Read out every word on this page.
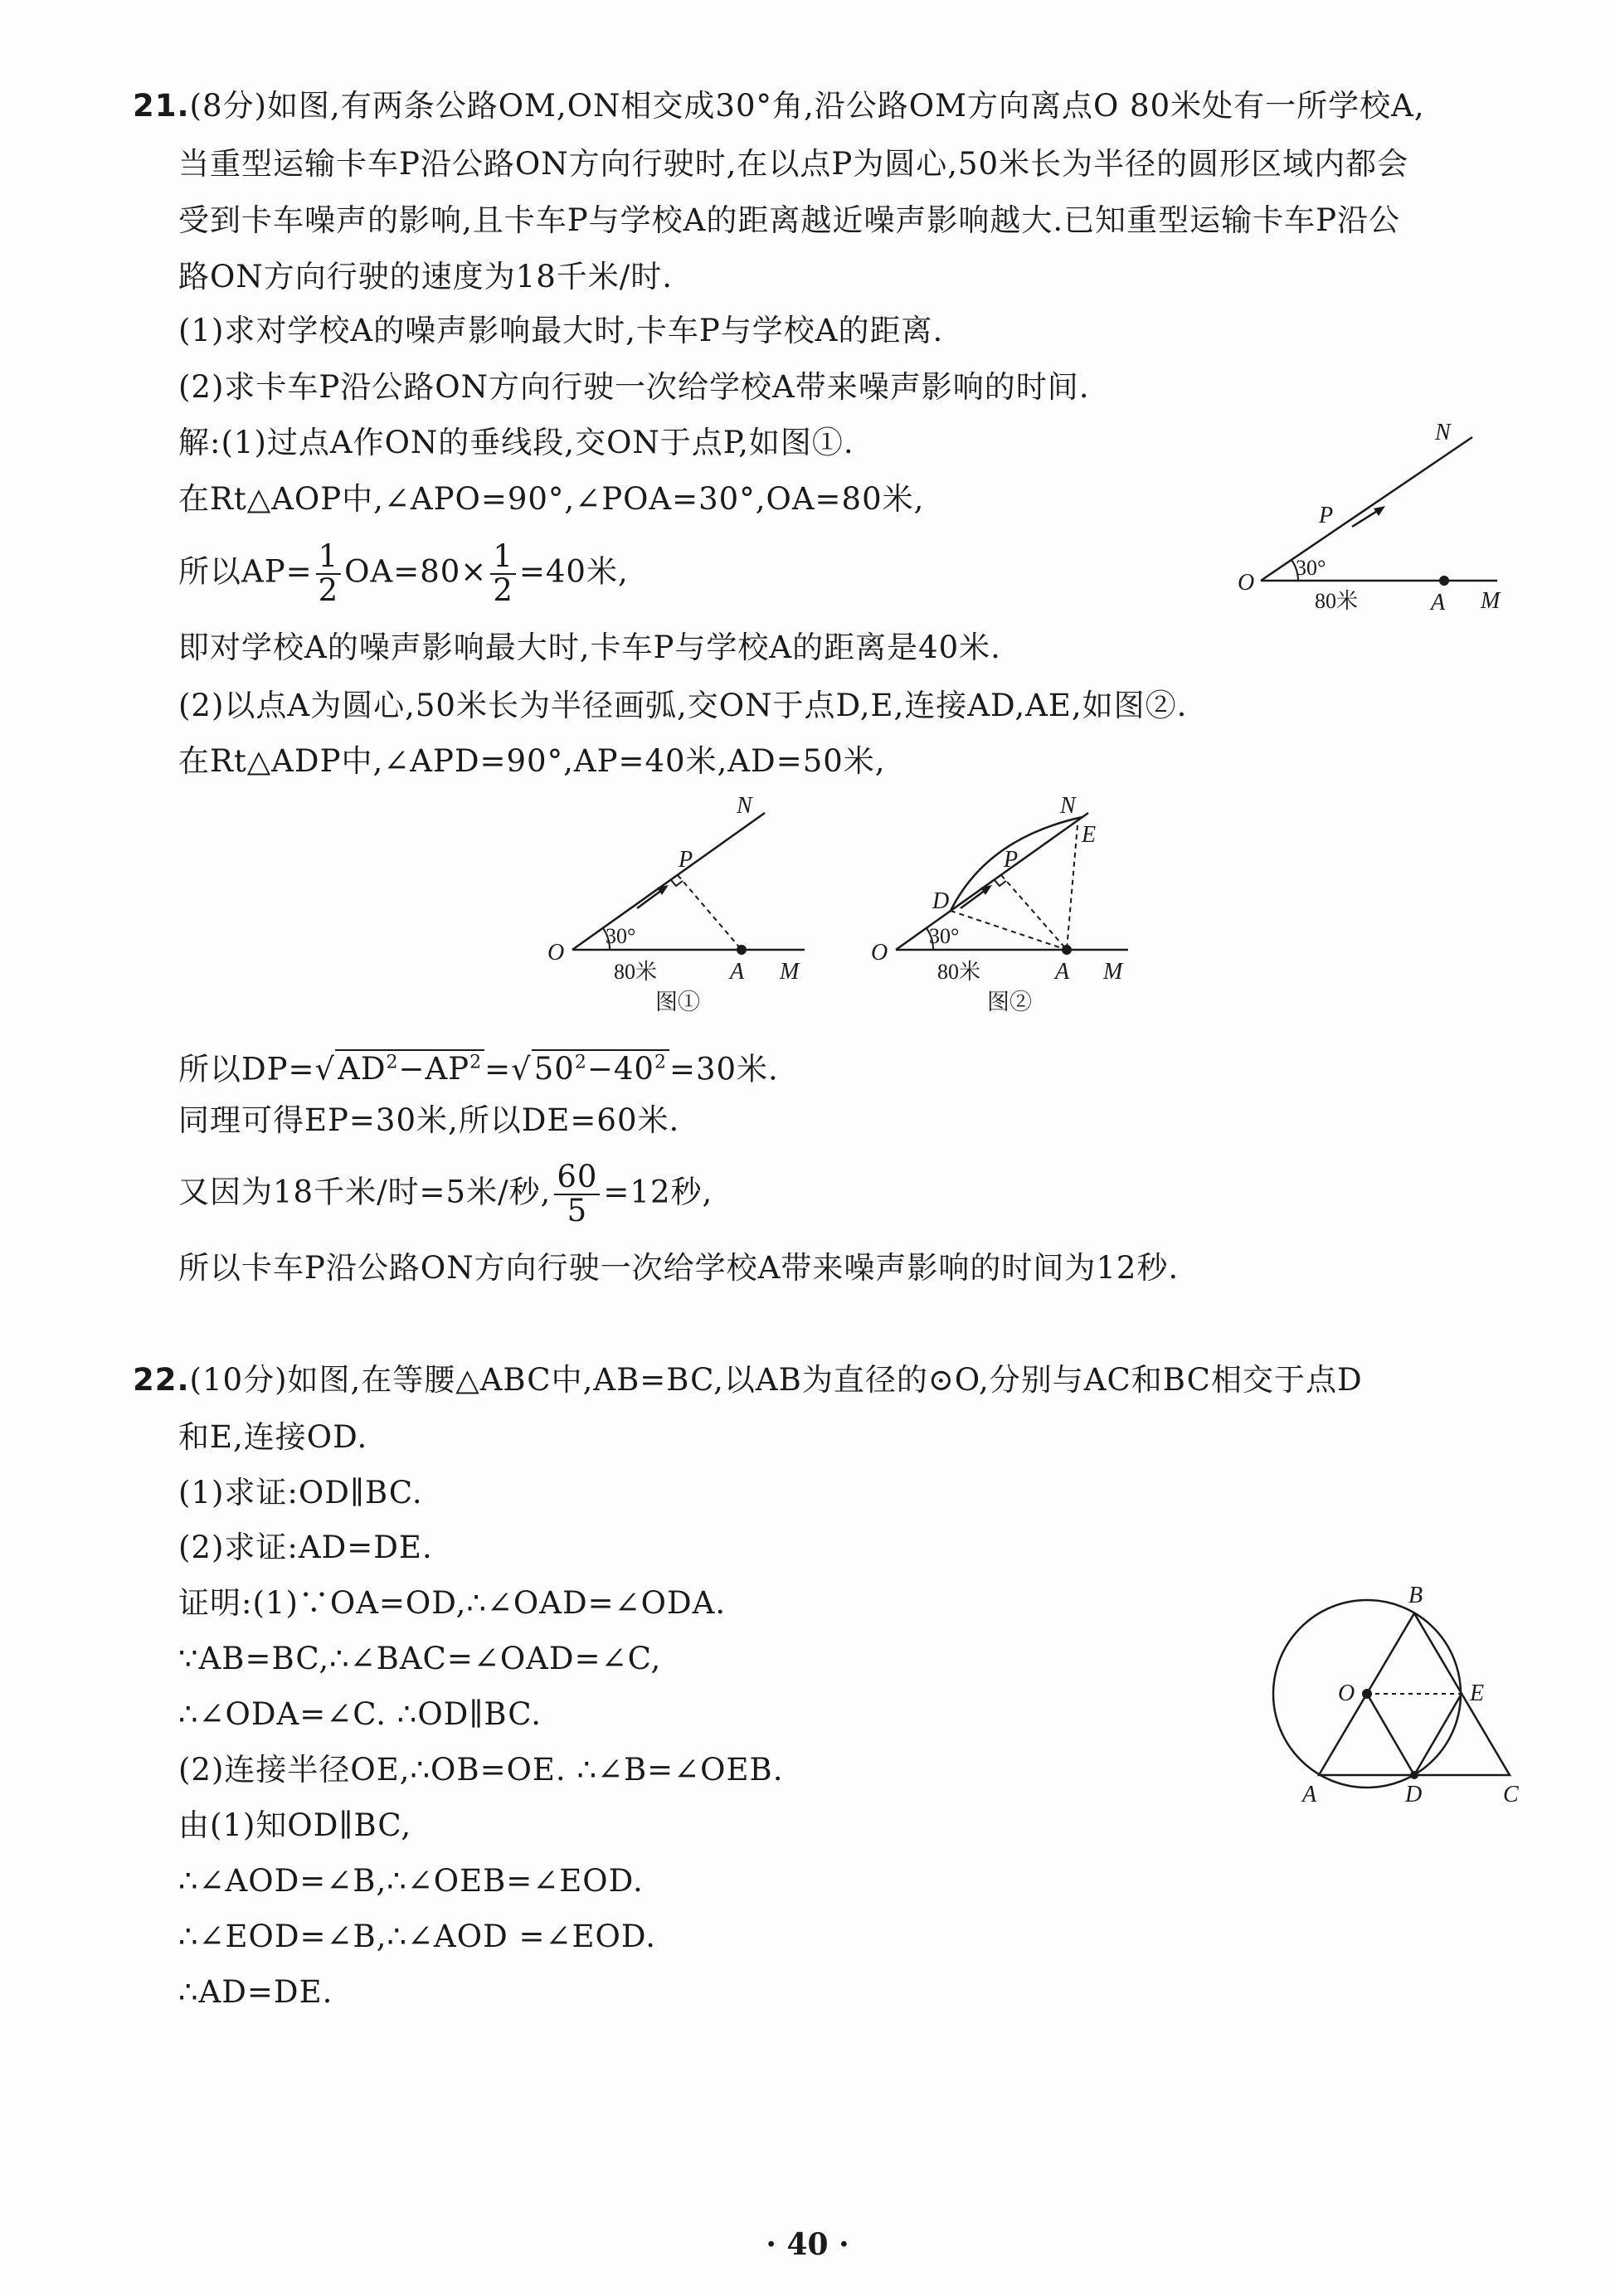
21.(8分)如图,有两条公路OM,ON相交成30°角,沿公路OM方向离点O 80米处有一所学校A,
当重型运输卡车P沿公路ON方向行驶时,在以点P为圆心,50米长为半径的圆形区域内都会
受到卡车噪声的影响,且卡车P与学校A的距离越近噪声影响越大.已知重型运输卡车P沿公
路ON方向行驶的速度为18千米/时.
(1)求对学校A的噪声影响最大时,卡车P与学校A的距离.
(2)求卡车P沿公路ON方向行驶一次给学校A带来噪声影响的时间.
解:(1)过点A作ON的垂线段,交ON于点P,如图①.
在Rt△AOP中,∠APO=90°,∠POA=30°,OA=80米,
所以$AP= \frac{1}{2} OA=80\times \frac{1}{2} =40$米,
即对学校A的噪声影响最大时,卡车P与学校A的距离是40米.
(2)以点A为圆心,50米长为半径画弧,交ON于点D,E,连接AD,AE,如图②.
在Rt△ADP中,∠APD=90°,AP=40米,AD=50米,
所以$DP=√AD^2-AP^2=√50^2-40^2=30$米.
同理可得EP=30米,所以DE=60米.
又因为18千米/时=5米/秒, $\frac{60}{5} =12$秒,
所以卡车P沿公路ON方向行驶一次给学校A带来噪声影响的时间为12秒.
O
N
M
A
P
30°
80米
O
N
M
A
P
30°
80米
图①
O
N
M
A
P
D
E
30°
80米
图②
22.(10分)如图,在等腰△ABC中,AB=BC,以AB为直径的⊙O,分别与AC和BC相交于点D
和E,连接OD.
(1)求证:OD∥BC.
(2)求证:AD=DE.
证明:(1)∵OA=OD,∴∠OAD=∠ODA.
∵AB=BC,∴∠BAC=∠OAD=∠C,
∴∠ODA=∠C. ∴OD∥BC.
(2)连接半径OE,∴OB=OE. ∴∠B=∠OEB.
由(1)知OD∥BC,
∴∠AOD=∠B,∴∠OEB=∠EOD.
∴∠EOD=∠B,∴∠AOD =∠EOD.
∴AD=DE.
O
B
E
A	D	C
· 40 ·
